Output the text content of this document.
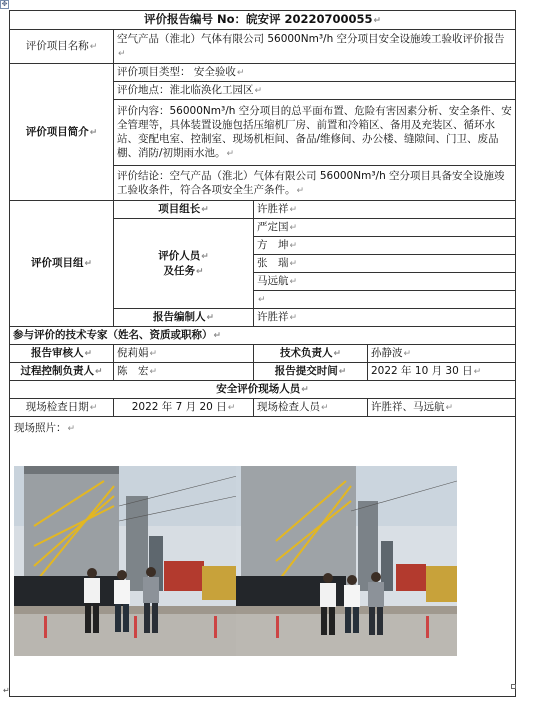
✥
评价报告编号 No：皖安评 20220700055↵			
评价项目名称↵	空气产品（淮北）气体有限公司 56000Nm³/h 空分项目安全设施竣工验收评价报告↵		
评价项目简介↵	评价项目类型： 安全验收↵		
	评价地点：淮北临涣化工园区↵		
	评价内容：56000Nm³/h 空分项目的总平面布置、危险有害因素分析、安全条件、安全管理等，具体装置设施包括压缩机厂房、前置和冷箱区、备用及充装区、循环水站、变配电室、控制室、现场机柜间、备品/维修间、办公楼、缝隙间、门卫、废品棚、消防/初期雨水池。↵		
	评价结论：空气产品（淮北）气体有限公司 56000Nm³/h 空分项目具备安全设施竣工验收条件，符合各项安全生产条件。↵		
评价项目组↵	项目组长↵	许胜祥↵	
	评价人员↵
及任务↵	严定国↵	
		方　坤↵	
		张　瑞↵	
		马远航↵	
		↵	
	报告编制人↵	许胜祥↵	
参与评价的技术专家（姓名、资质或职称）↵			
报告审核人↵	倪莉娟↵	技术负责人↵	孙静波↵
过程控制负责人↵	陈　宏↵	报告提交时间↵	2022 年 10 月 30 日↵
安全评价现场人员↵			
现场检查日期↵	2022 年 7 月 20 日↵	现场检查人员↵	许胜祥、马远航↵

现场照片：↵			
↵
